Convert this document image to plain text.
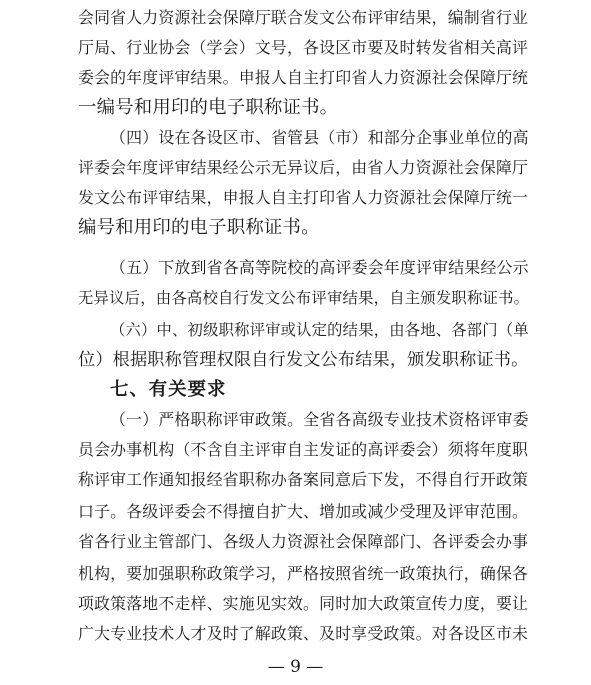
会同省人力资源社会保障厅联合发文公布评审结果，编制省行业
厅局、行业协会（学会）文号，各设区市要及时转发省相关高评
委会的年度评审结果。申报人自主打印省人力资源社会保障厅统
一编号和用印的电子职称证书。
（四）设在各设区市、省管县（市）和部分企事业单位的高
评委会年度评审结果经公示无异议后，由省人力资源社会保障厅
发文公布评审结果，申报人自主打印省人力资源社会保障厅统一
编号和用印的电子职称证书。
（五）下放到省各高等院校的高评委会年度评审结果经公示
无异议后，由各高校自行发文公布评审结果，自主颁发职称证书。
（六）中、初级职称评审或认定的结果，由各地、各部门（单
位）根据职称管理权限自行发文公布结果，颁发职称证书。
七、有关要求
（一）严格职称评审政策。全省各高级专业技术资格评审委
员会办事机构（不含自主评审自主发证的高评委会）须将年度职
称评审工作通知报经省职称办备案同意后下发，不得自行开政策
口子。各级评委会不得擅自扩大、增加或减少受理及评审范围。
省各行业主管部门、各级人力资源社会保障部门、各评委会办事
机构，要加强职称政策学习，严格按照省统一政策执行，确保各
项政策落地不走样、实施见实效。同时加大政策宣传力度，要让
广大专业技术人才及时了解政策、及时享受政策。对各设区市未
— 9 —
